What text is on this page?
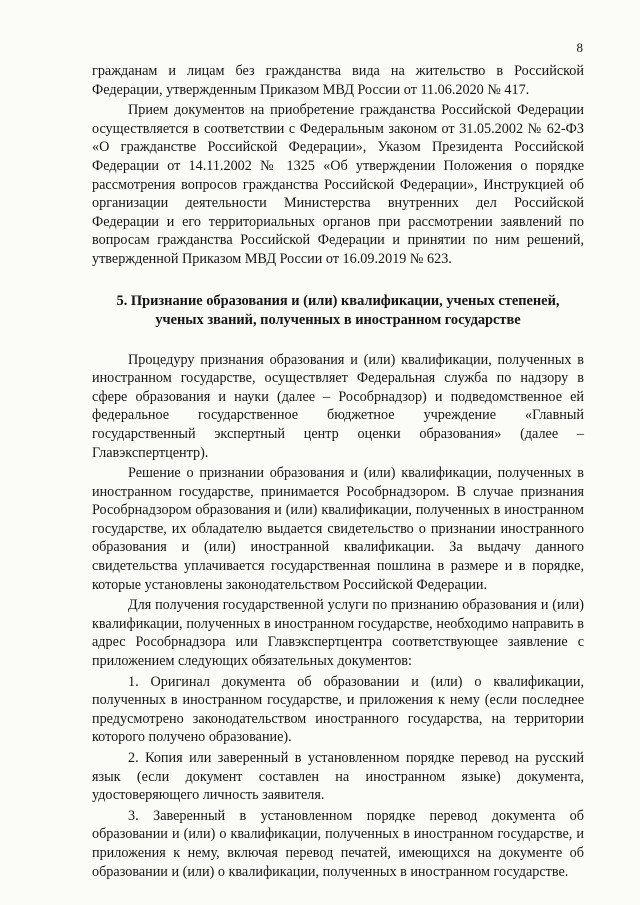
8

гражданам и лицам без гражданства вида на жительство в Российской Федерации, утвержденным Приказом МВД России от 11.06.2020 № 417.

Прием документов на приобретение гражданства Российской Федерации осуществляется в соответствии с Федеральным законом от 31.05.2002 № 62-ФЗ «О гражданстве Российской Федерации», Указом Президента Российской Федерации от 14.11.2002 № 1325 «Об утверждении Положения о порядке рассмотрения вопросов гражданства Российской Федерации», Инструкцией об организации деятельности Министерства внутренних дел Российской Федерации и его территориальных органов при рассмотрении заявлений по вопросам гражданства Российской Федерации и принятии по ним решений, утвержденной Приказом МВД России от 16.09.2019 № 623.

5. Признание образования и (или) квалификации, ученых степеней, ученых званий, полученных в иностранном государстве

Процедуру признания образования и (или) квалификации, полученных в иностранном государстве, осуществляет Федеральная служба по надзору в сфере образования и науки (далее – Рособрнадзор) и подведомственное ей федеральное государственное бюджетное учреждение «Главный государственный экспертный центр оценки образования» (далее – Главэкспертцентр).

Решение о признании образования и (или) квалификации, полученных в иностранном государстве, принимается Рособрнадзором. В случае признания Рособрнадзором образования и (или) квалификации, полученных в иностранном государстве, их обладателю выдается свидетельство о признании иностранного образования и (или) иностранной квалификации. За выдачу данного свидетельства уплачивается государственная пошлина в размере и в порядке, которые установлены законодательством Российской Федерации.

Для получения государственной услуги по признанию образования и (или) квалификации, полученных в иностранном государстве, необходимо направить в адрес Рособрнадзора или Главэкспертцентра соответствующее заявление с приложением следующих обязательных документов:

1. Оригинал документа об образовании и (или) о квалификации, полученных в иностранном государстве, и приложения к нему (если последнее предусмотрено законодательством иностранного государства, на территории которого получено образование).

2. Копия или заверенный в установленном порядке перевод на русский язык (если документ составлен на иностранном языке) документа, удостоверяющего личность заявителя.

3. Заверенный в установленном порядке перевод документа об образовании и (или) о квалификации, полученных в иностранном государстве, и приложения к нему, включая перевод печатей, имеющихся на документе об образовании и (или) о квалификации, полученных в иностранном государстве.
